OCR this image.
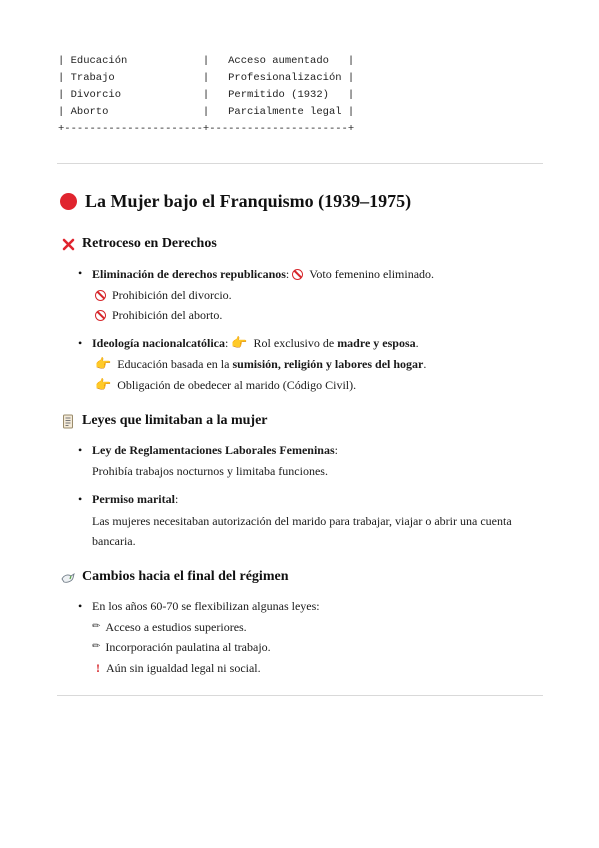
| Educación            |   Acceso aumentado   |
| Trabajo              |   Profesionalización |
| Divorcio             |   Permitido (1932)   |
| Aborto               |   Parcialmente legal |
+----------------------+----------------------+
La Mujer bajo el Franquismo (1939–1975)
Retroceso en Derechos
• Eliminación de derechos republicanos :
Voto femenino eliminado.
Prohibición del divorcio.
Prohibición del aborto.
• Ideología nacionalcatólica :
👉 Rol exclusivo de madre y esposa .
👉 Educación basada en la sumisión, religión y labores del hogar .
👉 Obligación de obedecer al marido (Código Civil).
Leyes que limitaban a la mujer
• Ley de Reglamentaciones Laborales Femeninas :
Prohibía trabajos nocturnos y limitaba funciones.
• Permiso marital :
Las mujeres necesitaban autorización del marido para trabajar, viajar o abrir una cuenta
bancaria.
Cambios hacia el final del régimen
• En los años 60-70 se flexibilizan algunas leyes:
✏ Acceso a estudios superiores.
✏ Incorporación paulatina al trabajo.
! Aún sin igualdad legal ni social.
